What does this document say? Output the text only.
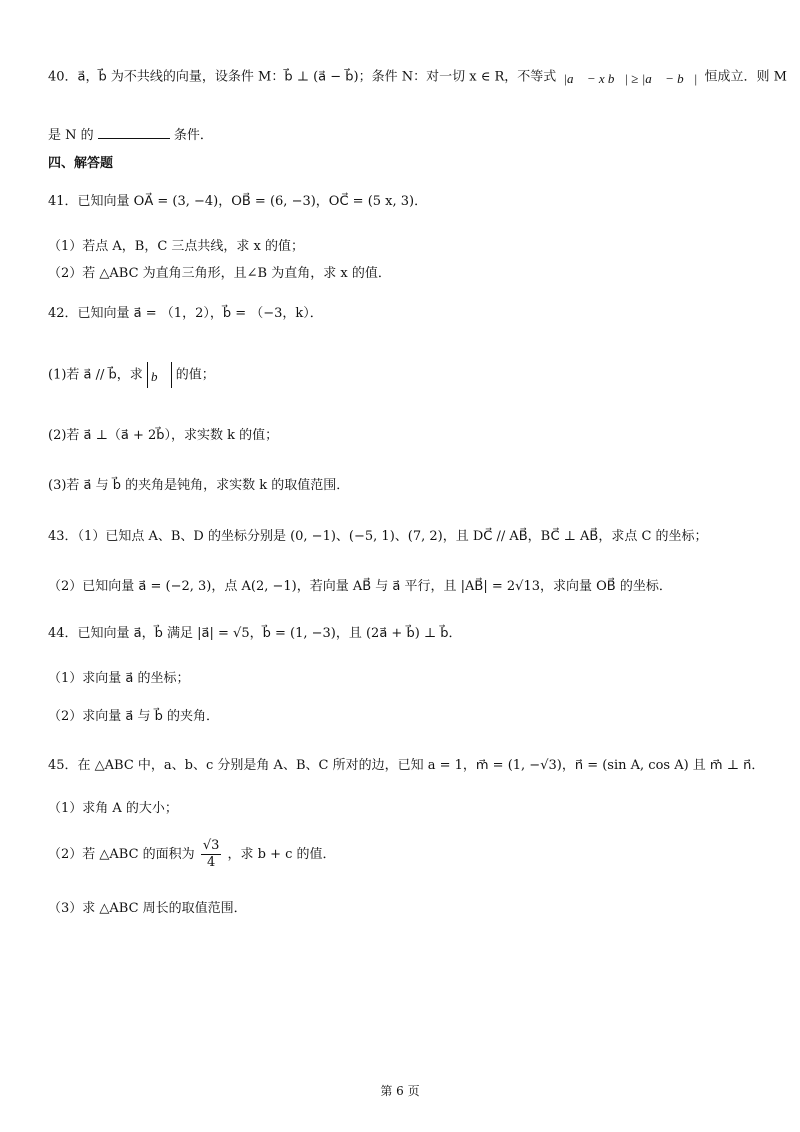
40．a⃗，b⃗ 为不共线的向量，设条件 M：b⃗ ⊥ (a⃗ − b⃗)；条件 N：对一切 x ∈ R，不等式 |a⃗ − x b⃗| ≥ |a⃗ − b⃗| 恒成立．则 M
是 N 的	条件．
四、解答题
41．已知向量 OA⃗ = (3, −4)，OB⃗ = (6, −3)，OC⃗ = (5 x, 3)．
（1）若点 A，B，C 三点共线，求 x 的值；
（2）若 △ABC 为直角三角形，且∠B 为直角，求 x 的值．
42．已知向量 a⃗ = （1，2），b⃗ = （−3，k）．
(1)若 a⃗ // b⃗，求 b⃗ 的值；
(2)若 a⃗ ⊥（a⃗ + 2b⃗），求实数 k 的值；
(3)若 a⃗ 与 b⃗ 的夹角是钝角，求实数 k 的取值范围．
43．（1）已知点 A、B、D 的坐标分别是 (0, −1)、(−5, 1)、(7, 2)，且 DC⃗ // AB⃗，BC⃗ ⊥ AB⃗，求点 C 的坐标；
（2）已知向量 a⃗ = (−2, 3)，点 A(2, −1)，若向量 AB⃗ 与 a⃗ 平行，且 |AB⃗| = 2√13，求向量 OB⃗ 的坐标．
44．已知向量 a⃗，b⃗ 满足 |a⃗| = √5，b⃗ = (1, −3)，且 (2a⃗ + b⃗) ⊥ b⃗．
（1）求向量 a⃗ 的坐标；
（2）求向量 a⃗ 与 b⃗ 的夹角．
45．在 △ABC 中，a、b、c 分别是角 A、B、C 所对的边，已知 a = 1，m⃗ = (1, −√3)，n⃗ = (sin A, cos A) 且 m⃗ ⊥ n⃗．
（1）求角 A 的大小；
（2）若 △ABC 的面积为 $\frac{√3}{4}$ ，求 b + c 的值．
（3）求 △ABC 周长的取值范围．
第 6 页
